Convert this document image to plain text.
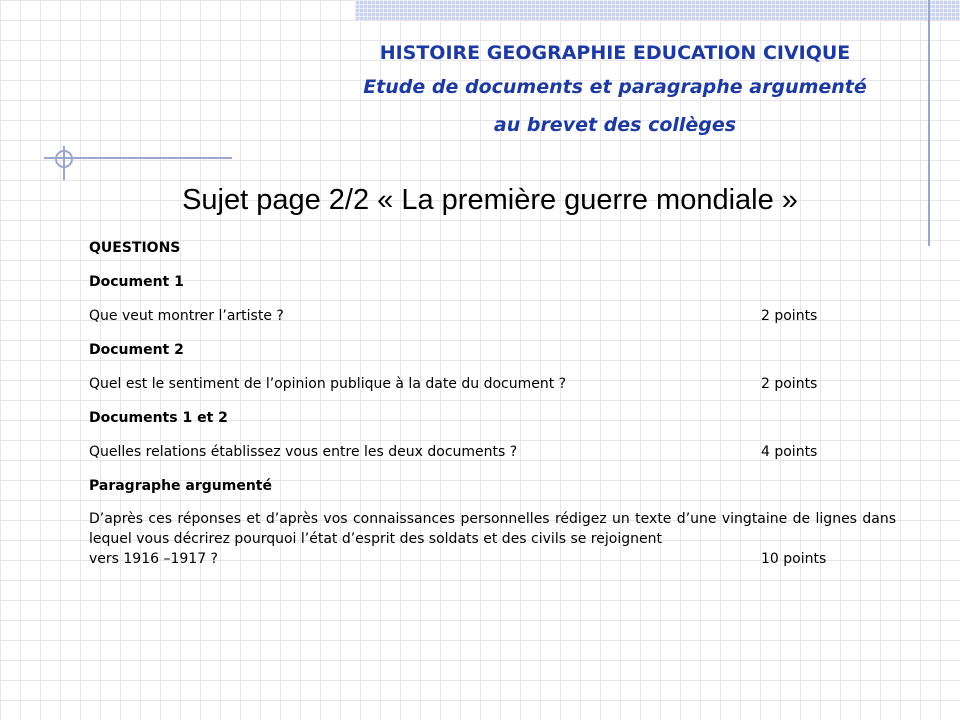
HISTOIRE GEOGRAPHIE EDUCATION CIVIQUE
Etude de documents et paragraphe argumenté
au brevet des collèges
Sujet page 2/2 « La première guerre mondiale »
QUESTIONS
Document 1
Que veut montrer l’artiste ?	2 points
Document 2
Quel est le sentiment de l’opinion publique à la date du document ?	2 points
Documents 1 et 2
Quelles relations établissez vous entre les deux documents ?	4 points
Paragraphe argumenté
D’après ces réponses et d’après vos connaissances personnelles rédigez un texte d’une vingtaine de lignes dans lequel vous décrirez pourquoi l’état d’esprit des soldats et des civils se rejoignent
vers 1916 –1917 ?	10 points
